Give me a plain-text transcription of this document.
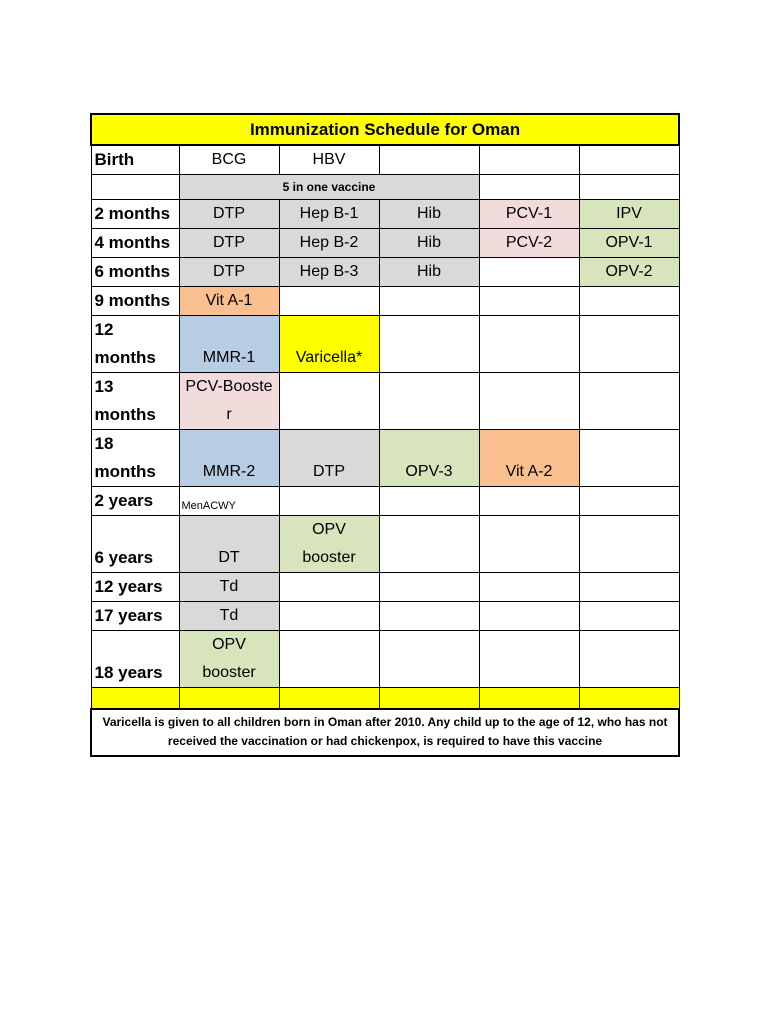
Immunization Schedule for Oman					
Birth	BCG	HBV			
	5 in one vaccine				
2 months	DTP	Hep B-1	Hib	PCV-1	IPV
4 months	DTP	Hep B-2	Hib	PCV-2	OPV-1
6 months	DTP	Hep B-3	Hib		OPV-2
9 months	Vit A-1				
12 months	MMR-1	Varicella*			
13 months	PCV-Booster				
18 months	MMR-2	DTP	OPV-3	Vit A-2	
2 years	MenACWY				
6 years	DT	OPV booster			
12 years	Td				
17 years	Td				
18 years	OPV booster				

Varicella is given to all children born in Oman after 2010. Any child up to the age of 12, who has not received the vaccination or had chickenpox, is required to have this vaccine					
